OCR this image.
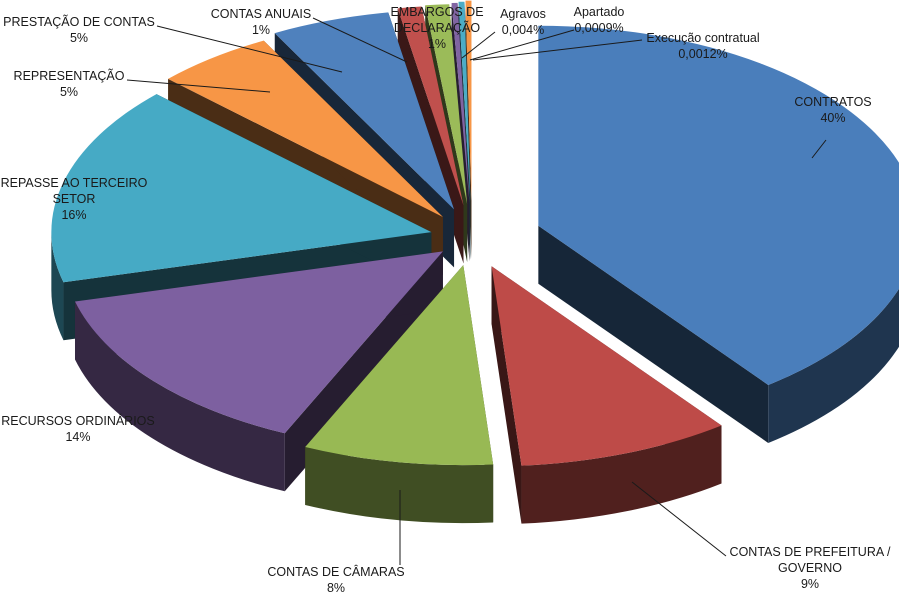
CONTRATOS 40%
CONTAS DE PREFEITURA / GOVERNO 9%
CONTAS DE CÂMARAS 8%
RECURSOS ORDINÁRIOS 14%
REPASSE AO TERCEIRO SETOR 16%
REPRESENTAÇÃO 5%
PRESTAÇÃO DE CONTAS 5%
CONTAS ANUAIS 1%
EMBARGOS DE DECLARAÇÃO 1%
Agravos 0,004%
Apartado 0,0009%
Execução contratual 0,0012%
